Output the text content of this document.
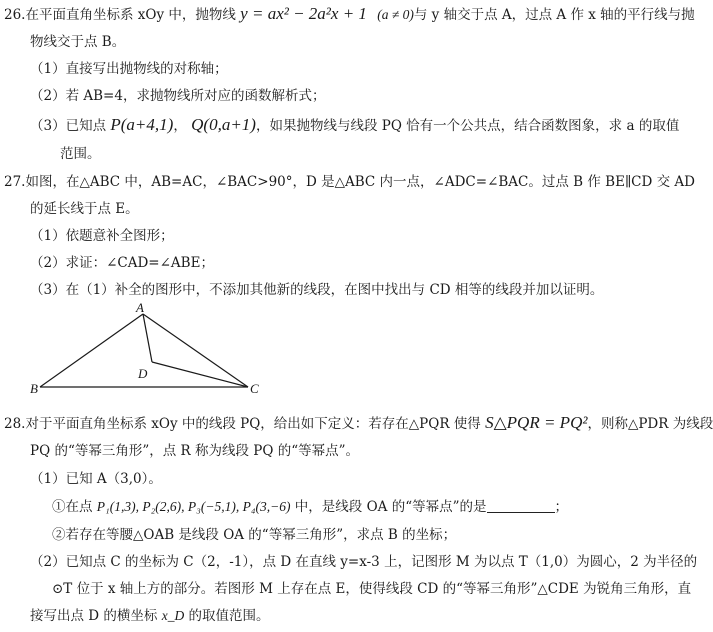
26.在平面直角坐标系 xOy 中，抛物线 y = ax² − 2a²x + 1 (a ≠ 0)与 y 轴交于点 A，过点 A 作 x 轴的平行线与抛
物线交于点 B。
（1）直接写出抛物线的对称轴；
（2）若 AB=4，求抛物线所对应的函数解析式；
（3）已知点 P(a+4,1)， Q(0,a+1)，如果抛物线与线段 PQ 恰有一个公共点，结合函数图象，求 a 的取值
范围。
27.如图，在△ABC 中，AB=AC，∠BAC>90°，D 是△ABC 内一点，∠ADC=∠BAC。过点 B 作 BE∥CD 交 AD
的延长线于点 E。
（1）依题意补全图形；
（2）求证：∠CAD=∠ABE；
（3）在（1）补全的图形中，不添加其他新的线段，在图中找出与 CD 相等的线段并加以证明。
A
B	C
D
28.对于平面直角坐标系 xOy 中的线段 PQ，给出如下定义：若存在△PQR 使得 S△PQR = PQ²，则称△PDR 为线段
PQ 的“等幂三角形”，点 R 称为线段 PQ 的“等幂点”。
（1）已知 A（3,0）。
①在点 P₁(1,3), P₂(2,6), P₃(−5,1), P₄(3,−6) 中，是线段 OA 的“等幂点”的是	；
②若存在等腰△OAB 是线段 OA 的“等幂三角形”，求点 B 的坐标；
（2）已知点 C 的坐标为 C（2，-1），点 D 在直线 y=x-3 上，记图形 M 为以点 T（1,0）为圆心，2 为半径的
⊙T 位于 x 轴上方的部分。若图形 M 上存在点 E，使得线段 CD 的“等幂三角形”△CDE 为锐角三角形，直
接写出点 D 的横坐标 x_D 的取值范围。
